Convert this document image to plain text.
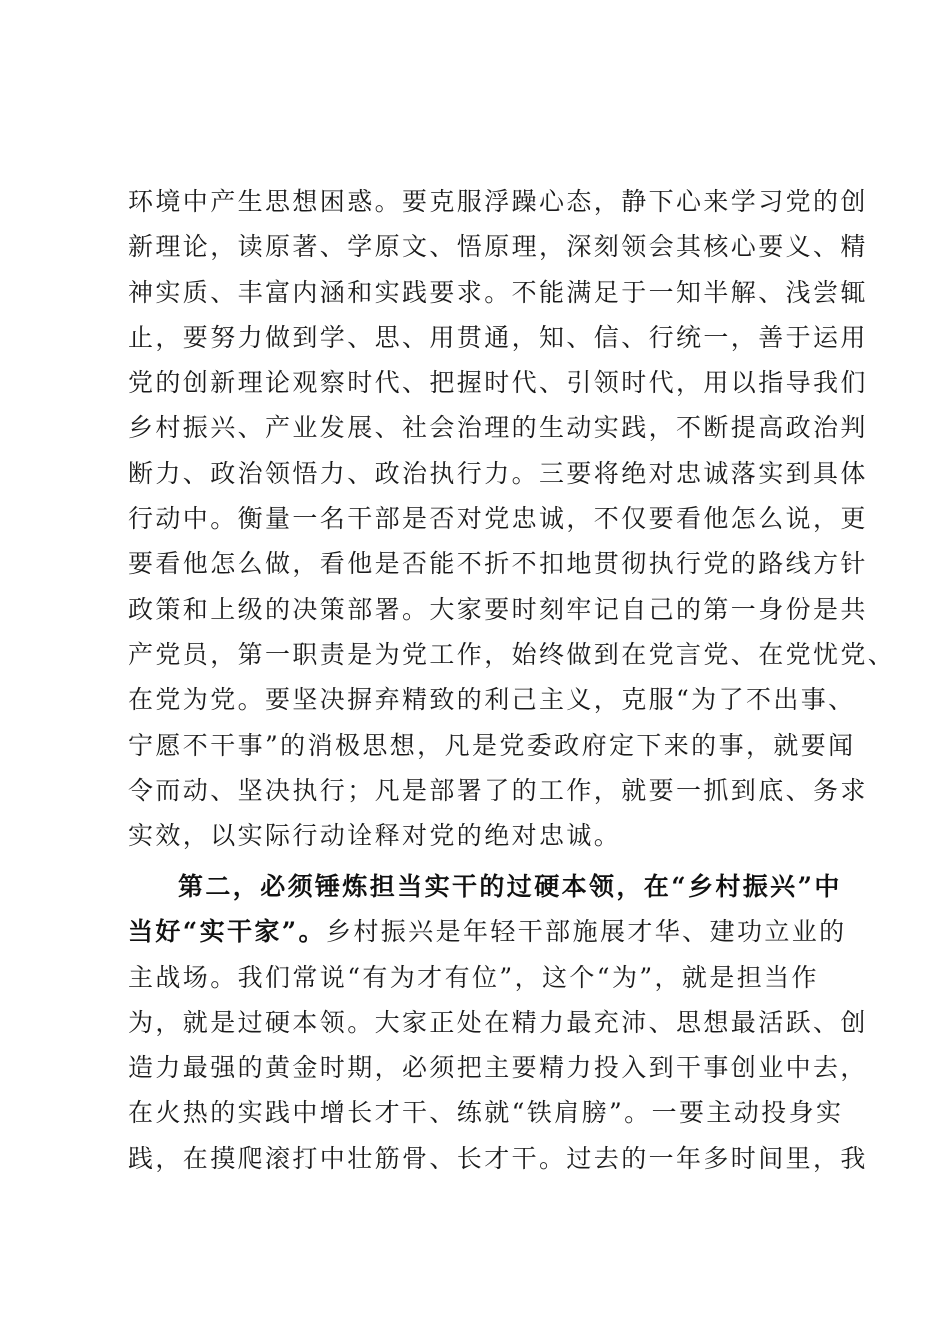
环境中产生思想困惑。要克服浮躁心态，静下心来学习党的创
新理论，读原著、学原文、悟原理，深刻领会其核心要义、精
神实质、丰富内涵和实践要求。不能满足于一知半解、浅尝辄
止，要努力做到学、思、用贯通，知、信、行统一，善于运用
党的创新理论观察时代、把握时代、引领时代，用以指导我们
乡村振兴、产业发展、社会治理的生动实践，不断提高政治判
断力、政治领悟力、政治执行力。三要将绝对忠诚落实到具体
行动中。衡量一名干部是否对党忠诚，不仅要看他怎么说，更
要看他怎么做，看他是否能不折不扣地贯彻执行党的路线方针
政策和上级的决策部署。大家要时刻牢记自己的第一身份是共
产党员，第一职责是为党工作，始终做到在党言党、在党忧党、
在党为党。要坚决摒弃精致的利己主义，克服“为了不出事、
宁愿不干事”的消极思想，凡是党委政府定下来的事，就要闻
令而动、坚决执行；凡是部署了的工作，就要一抓到底、务求
实效，以实际行动诠释对党的绝对忠诚。
第二，必须锤炼担当实干的过硬本领，在“乡村振兴”中
当好“实干家”。乡村振兴是年轻干部施展才华、建功立业的
主战场。我们常说“有为才有位”，这个“为”，就是担当作
为，就是过硬本领。大家正处在精力最充沛、思想最活跃、创
造力最强的黄金时期，必须把主要精力投入到干事创业中去，
在火热的实践中增长才干、练就“铁肩膀”。一要主动投身实
践，在摸爬滚打中壮筋骨、长才干。过去的一年多时间里，我
